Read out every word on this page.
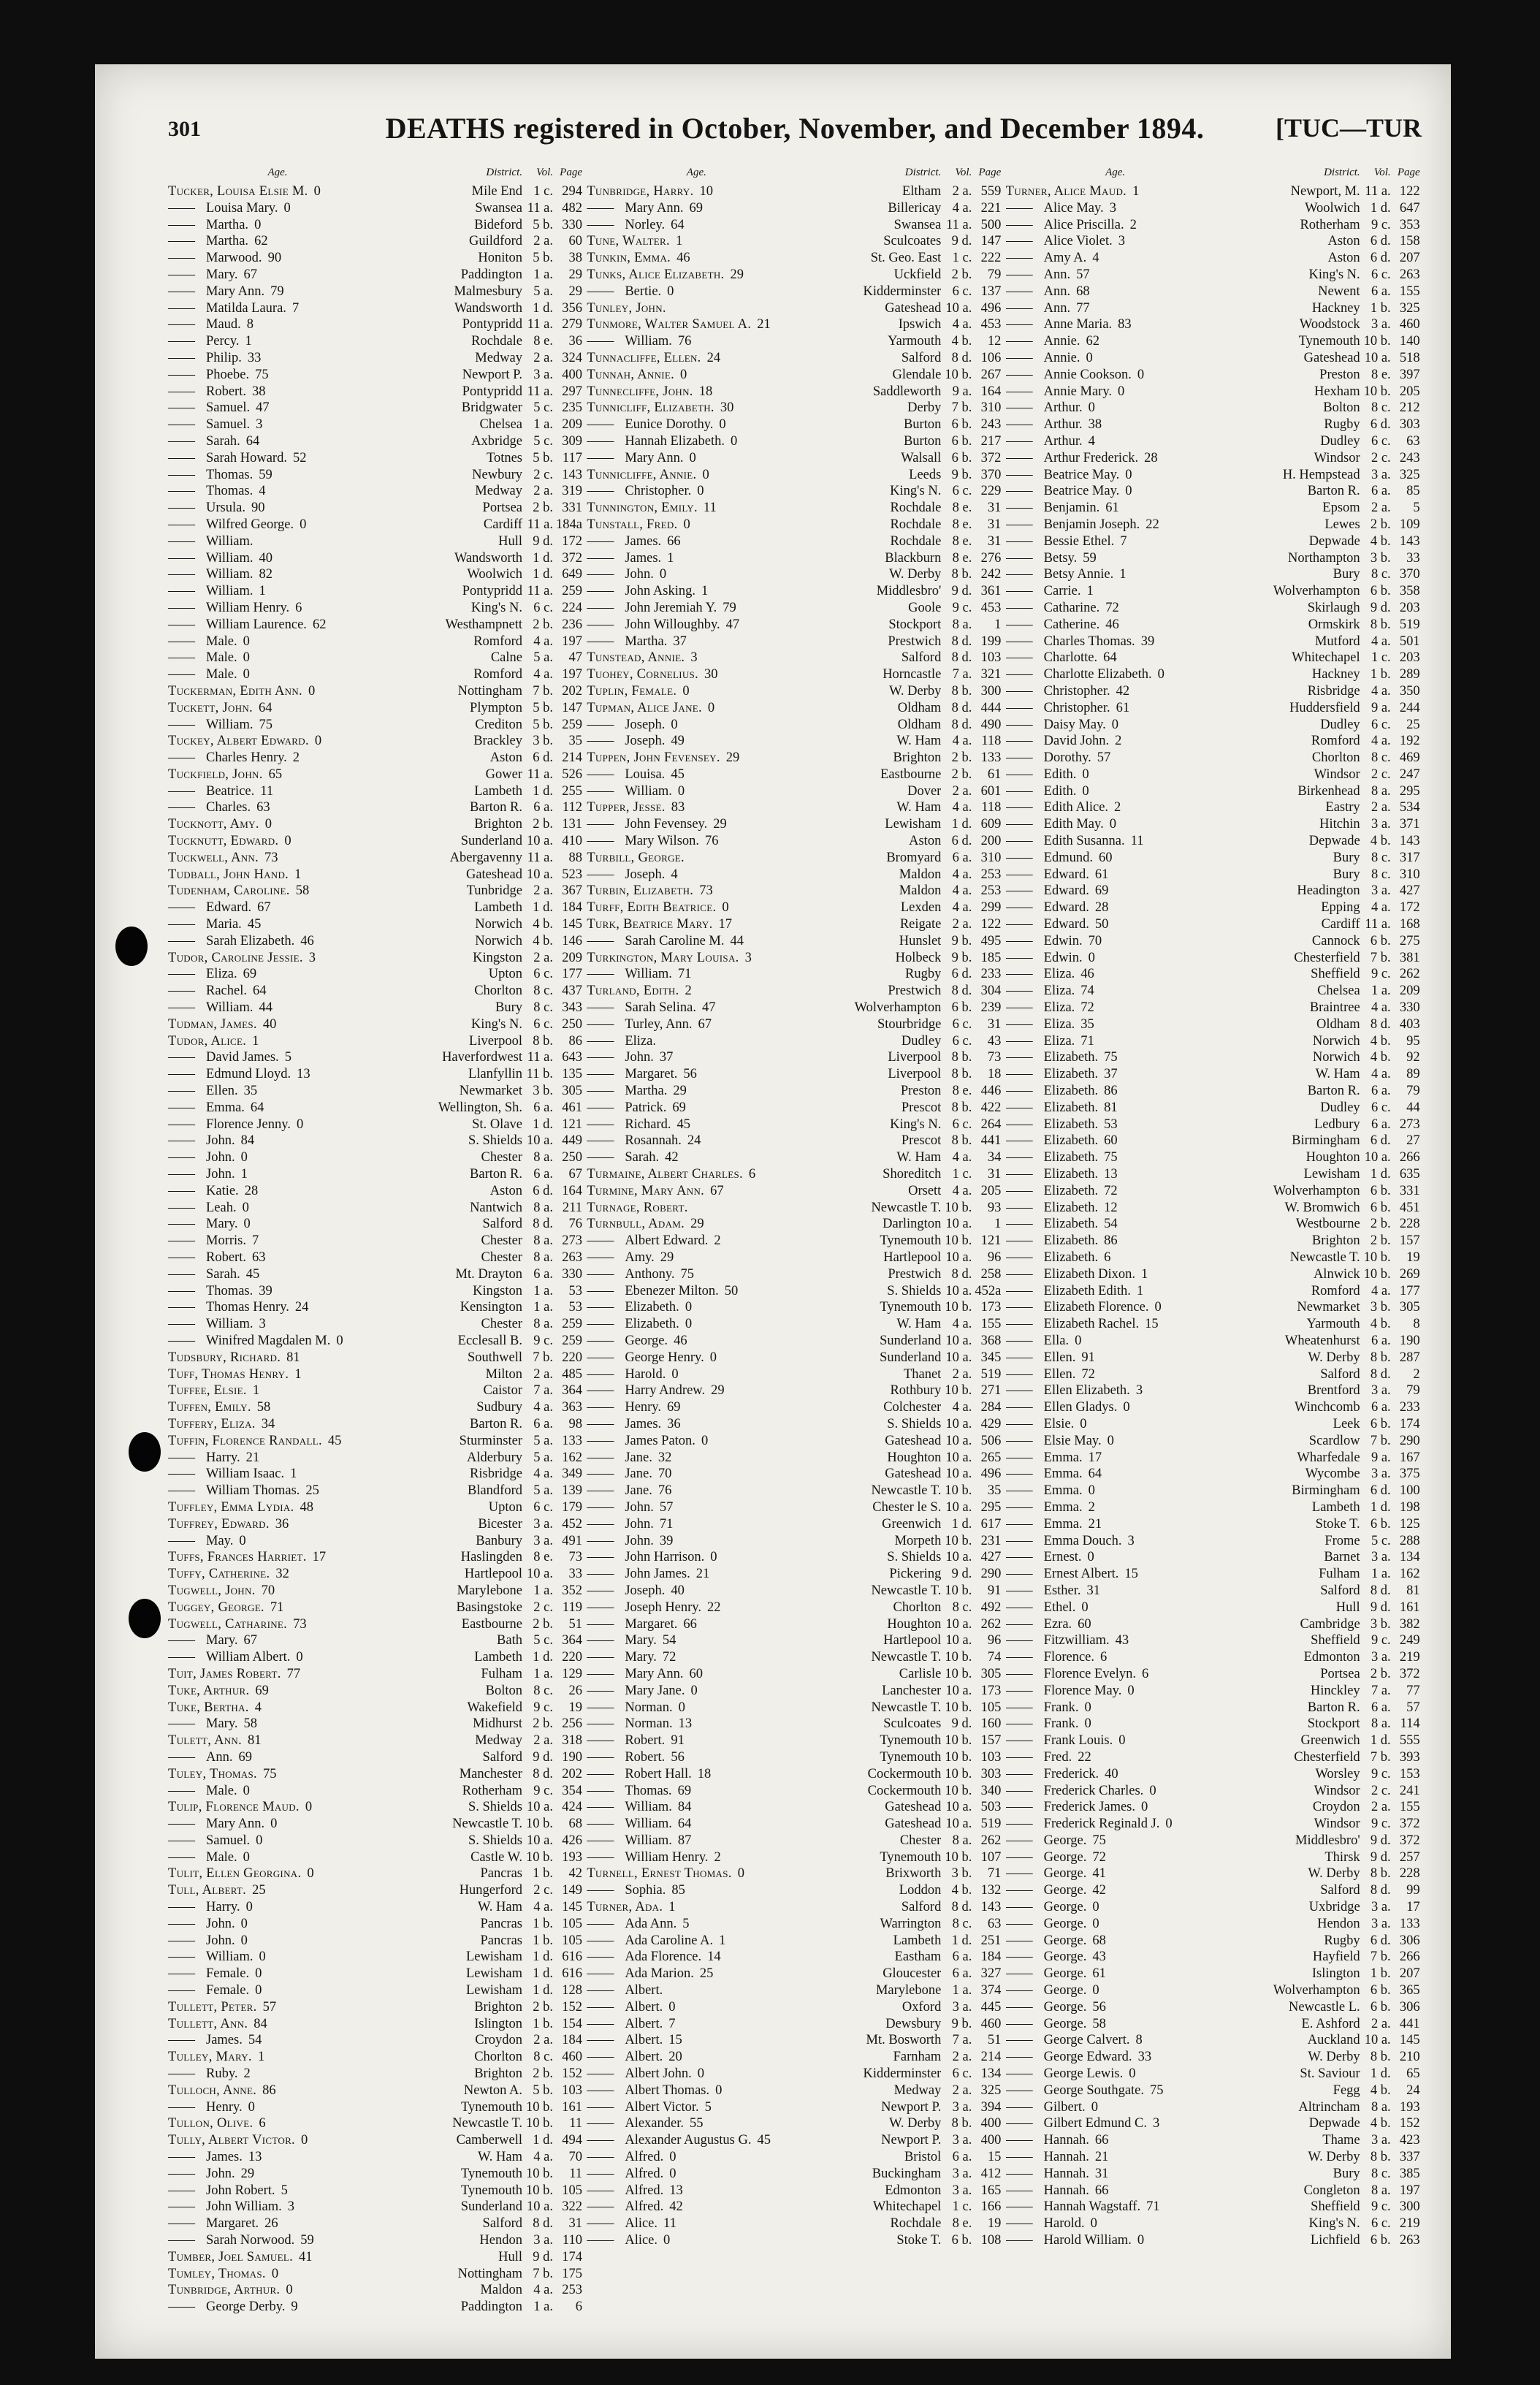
301	DEATHS registered in October, November, and December 1894.	[TUC—TUR
Age.	District.	Vol. Page
Tucker, Louisa Elsie M. 0	Mile End 1 c. 294
—— Louisa Mary. 0	Swansea 11 a. 482
—— Martha. 0	Bideford 5 b. 330
—— Martha. 62	Guildford 2 a.	60
—— Marwood. 90	Honiton 5 b.	38
—— Mary. 67	Paddington 1 a.	29
—— Mary Ann. 79	Malmesbury 5 a.	29
—— Matilda Laura. 7	Wandsworth 1 d. 356
—— Maud. 8	Pontypridd 11 a. 279
—— Percy. 1	Rochdale 8 e.	36
—— Philip. 33	Medway 2 a. 324
—— Phoebe. 75	Newport P. 3 a. 400
—— Robert. 38	Pontypridd 11 a. 297
—— Samuel. 47	Bridgwater 5 c. 235
—— Samuel. 3	Chelsea 1 a. 209
—— Sarah. 64	Axbridge 5 c. 309
—— Sarah Howard. 52	Totnes 5 b. 117
—— Thomas. 59	Newbury 2 c. 143
—— Thomas. 4	Medway 2 a. 319
—— Ursula. 90	Portsea 2 b. 331
—— Wilfred George. 0	Cardiff 11 a. 184a
—— William.	Hull 9 d. 172
—— William. 40	Wandsworth 1 d. 372
—— William. 82	Woolwich 1 d. 649
—— William. 1	Pontypridd 11 a. 259
—— William Henry. 6	King's N. 6 c. 224
—— William Laurence. 62	Westhampnett 2 b. 236
—— Male. 0	Romford 4 a. 197
—— Male. 0	Calne 5 a.	47
—— Male. 0	Romford 4 a. 197
Tuckerman, Edith Ann. 0	Nottingham 7 b. 202
Tuckett, John. 64	Plympton 5 b. 147
—— William. 75	Crediton 5 b. 259
Tuckey, Albert Edward. 0	Brackley 3 b.	35
—— Charles Henry. 2	Aston 6 d. 214
Tuckfield, John. 65	Gower 11 a. 526
—— Beatrice. 11	Lambeth 1 d. 255
—— Charles. 63	Barton R. 6 a. 112
Tucknott, Amy. 0	Brighton 2 b. 131
Tucknutt, Edward. 0	Sunderland 10 a. 410
Tuckwell, Ann. 73	Abergavenny 11 a.	88
Tudball, John Hand. 1	Gateshead 10 a. 523
Tudenham, Caroline. 58	Tunbridge 2 a. 367
—— Edward. 67	Lambeth 1 d. 184
—— Maria. 45	Norwich 4 b. 145
—— Sarah Elizabeth. 46	Norwich 4 b. 146
Tudor, Caroline Jessie. 3	Kingston 2 a. 209
—— Eliza. 69	Upton 6 c. 177
—— Rachel. 64	Chorlton 8 c. 437
—— William. 44	Bury 8 c. 343
Tudman, James. 40	King's N. 6 c. 250
Tudor, Alice. 1	Liverpool 8 b.	86
—— David James. 5	Haverfordwest 11 a. 643
—— Edmund Lloyd. 13	Llanfyllin 11 b. 135
—— Ellen. 35	Newmarket 3 b. 305
—— Emma. 64	Wellington, Sh. 6 a. 461
—— Florence Jenny. 0	St. Olave 1 d. 121
—— John. 84	S. Shields 10 a. 449
—— John. 0	Chester 8 a. 250
—— John. 1	Barton R. 6 a.	67
—— Katie. 28	Aston 6 d. 164
—— Leah. 0	Nantwich 8 a. 211
—— Mary. 0	Salford 8 d.	76
—— Morris. 7	Chester 8 a. 273
—— Robert. 63	Chester 8 a. 263
—— Sarah. 45	Mt. Drayton 6 a. 330
—— Thomas. 39	Kingston 1 a.	53
—— Thomas Henry. 24	Kensington 1 a.	53
—— William. 3	Chester 8 a. 259
—— Winifred Magdalen M. 0	Ecclesall B. 9 c. 259
Tudsbury, Richard. 81	Southwell 7 b. 220
Tuff, Thomas Henry. 1	Milton 2 a. 485
Tuffee, Elsie. 1	Caistor 7 a. 364
Tuffen, Emily. 58	Sudbury 4 a. 363
Tuffery, Eliza. 34	Barton R. 6 a.	98
Tuffin, Florence Randall. 45	Sturminster 5 a. 133
—— Harry. 21	Alderbury 5 a. 162
—— William Isaac. 1	Risbridge 4 a. 349
—— William Thomas. 25	Blandford 5 a. 139
Tuffley, Emma Lydia. 48	Upton 6 c. 179
Tuffrey, Edward. 36	Bicester 3 a. 452
—— May. 0	Banbury 3 a. 491
Tuffs, Frances Harriet. 17	Haslingden 8 e.	73
Tuffy, Catherine. 32	Hartlepool 10 a.	33
Tugwell, John. 70	Marylebone 1 a. 352
Tuggey, George. 71	Basingstoke 2 c. 119
Tugwell, Catharine. 73	Eastbourne 2 b.	51
—— Mary. 67	Bath 5 c. 364
—— William Albert. 0	Lambeth 1 d. 220
Tuit, James Robert. 77	Fulham 1 a. 129
Tuke, Arthur. 69	Bolton 8 c.	26
Tuke, Bertha. 4	Wakefield 9 c.	19
—— Mary. 58	Midhurst 2 b. 256
Tulett, Ann. 81	Medway 2 a. 318
—— Ann. 69	Salford 9 d. 190
Tuley, Thomas. 75	Manchester 8 d. 202
—— Male. 0	Rotherham 9 c. 354
Tulip, Florence Maud. 0	S. Shields 10 a. 424
—— Mary Ann. 0	Newcastle T. 10 b.	68
—— Samuel. 0	S. Shields 10 a. 426
—— Male. 0	Castle W. 10 b. 193
Tulit, Ellen Georgina. 0	Pancras 1 b.	42
Tull, Albert. 25	Hungerford 2 c. 149
—— Harry. 0	W. Ham 4 a. 145
—— John. 0	Pancras 1 b. 105
—— John. 0	Pancras 1 b. 105
—— William. 0	Lewisham 1 d. 616
—— Female. 0	Lewisham 1 d. 616
—— Female. 0	Lewisham 1 d. 128
Tullett, Peter. 57	Brighton 2 b. 152
Tullett, Ann. 84	Islington 1 b. 154
—— James. 54	Croydon 2 a. 184
Tulley, Mary. 1	Chorlton 8 c. 460
—— Ruby. 2	Brighton 2 b. 152
Tulloch, Anne. 86	Newton A. 5 b. 103
—— Henry. 0	Tynemouth 10 b. 161
Tullon, Olive. 6	Newcastle T. 10 b.	11
Tully, Albert Victor. 0	Camberwell 1 d. 494
—— James. 13	W. Ham 4 a.	70
—— John. 29	Tynemouth 10 b.	11
—— John Robert. 5	Tynemouth 10 b. 105
—— John William. 3	Sunderland 10 a. 322
—— Margaret. 26	Salford 8 d.	31
—— Sarah Norwood. 59	Hendon 3 a. 110
Tumber, Joel Samuel. 41	Hull 9 d. 174
Tumley, Thomas. 0	Nottingham 7 b. 175
Tunbridge, Arthur. 0	Maldon 4 a. 253
—— George Derby. 9	Paddington 1 a.	6
Age.	District.	Vol. Page
Tunbridge, Harry. 10	Eltham 2 a. 559
—— Mary Ann. 69	Billericay 4 a. 221
—— Norley. 64	Swansea 11 a. 500
Tune, Walter. 1	Sculcoates 9 d. 147
Tunkin, Emma. 46	St. Geo. East 1 c. 222
Tunks, Alice Elizabeth. 29	Uckfield 2 b.	79
—— Bertie. 0	Kidderminster 6 c. 137
Tunley, John.	Gateshead 10 a. 496
Tunmore, Walter Samuel A. 21	Ipswich 4 a. 453
—— William. 76	Yarmouth 4 b.	12
Tunnacliffe, Ellen. 24	Salford 8 d. 106
Tunnah, Annie. 0	Glendale 10 b. 267
Tunnecliffe, John. 18	Saddleworth 9 a. 164
Tunnicliff, Elizabeth. 30	Derby 7 b. 310
—— Eunice Dorothy. 0	Burton 6 b. 243
—— Hannah Elizabeth. 0	Burton 6 b. 217
—— Mary Ann. 0	Walsall 6 b. 372
Tunnicliffe, Annie. 0	Leeds 9 b. 370
—— Christopher. 0	King's N. 6 c. 229
Tunnington, Emily. 11	Rochdale 8 e.	31
Tunstall, Fred. 0	Rochdale 8 e.	31
—— James. 66	Rochdale 8 e.	31
—— James. 1	Blackburn 8 e. 276
—— John. 0	W. Derby 8 b. 242
—— John Asking. 1	Middlesbro' 9 d. 361
—— John Jeremiah Y. 79	Goole 9 c. 453
—— John Willoughby. 47	Stockport 8 a.	1
—— Martha. 37	Prestwich 8 d. 199
Tunstead, Annie. 3	Salford 8 d. 103
Tuohey, Cornelius. 30	Horncastle 7 a. 321
Tuplin, Female. 0	W. Derby 8 b. 300
Tupman, Alice Jane. 0	Oldham 8 d. 444
—— Joseph. 0	Oldham 8 d. 490
—— Joseph. 49	W. Ham 4 a. 118
Tuppen, John Fevensey. 29	Brighton 2 b. 133
—— Louisa. 45	Eastbourne 2 b.	61
—— William. 0	Dover 2 a. 601
Tupper, Jesse. 83	W. Ham 4 a. 118
—— John Fevensey. 29	Lewisham 1 d. 609
—— Mary Wilson. 76	Aston 6 d. 200
Turbill, George.	Bromyard 6 a. 310
—— Joseph. 4	Maldon 4 a. 253
Turbin, Elizabeth. 73	Maldon 4 a. 253
Turff, Edith Beatrice. 0	Lexden 4 a. 299
Turk, Beatrice Mary. 17	Reigate 2 a. 122
—— Sarah Caroline M. 44	Hunslet 9 b. 495
Turkington, Mary Louisa. 3	Holbeck 9 b. 185
—— William. 71	Rugby 6 d. 233
Turland, Edith. 2	Prestwich 8 d. 304
—— Sarah Selina. 47	Wolverhampton 6 b. 239
—— Turley, Ann. 67	Stourbridge 6 c.	31
—— Eliza.	Dudley 6 c.	43
—— John. 37	Liverpool 8 b.	73
—— Margaret. 56	Liverpool 8 b.	18
—— Martha. 29	Preston 8 e. 446
—— Patrick. 69	Prescot 8 b. 422
—— Richard. 45	King's N. 6 c. 264
—— Rosannah. 24	Prescot 8 b. 441
—— Sarah. 42	W. Ham 4 a.	34
Turmaine, Albert Charles. 6	Shoreditch 1 c.	31
Turmine, Mary Ann. 67	Orsett 4 a. 205
Turnage, Robert.	Newcastle T. 10 b.	93
Turnbull, Adam. 29	Darlington 10 a.	1
—— Albert Edward. 2	Tynemouth 10 b. 121
—— Amy. 29	Hartlepool 10 a.	96
—— Anthony. 75	Prestwich 8 d. 258
—— Ebenezer Milton. 50	S. Shields 10 a. 452a
—— Elizabeth. 0	Tynemouth 10 b. 173
—— Elizabeth. 0	W. Ham 4 a. 155
—— George. 46	Sunderland 10 a. 368
—— George Henry. 0	Sunderland 10 a. 345
—— Harold. 0	Thanet 2 a. 519
—— Harry Andrew. 29	Rothbury 10 b. 271
—— Henry. 69	Colchester 4 a. 284
—— James. 36	S. Shields 10 a. 429
—— James Paton. 0	Gateshead 10 a. 506
—— Jane. 32	Houghton 10 a. 265
—— Jane. 70	Gateshead 10 a. 496
—— Jane. 76	Newcastle T. 10 b.	35
—— John. 57	Chester le S. 10 a. 295
—— John. 71	Greenwich 1 d. 617
—— John. 39	Morpeth 10 b. 231
—— John Harrison. 0	S. Shields 10 a. 427
—— John James. 21	Pickering 9 d. 290
—— Joseph. 40	Newcastle T. 10 b.	91
—— Joseph Henry. 22	Chorlton 8 c. 492
—— Margaret. 66	Houghton 10 a. 262
—— Mary. 54	Hartlepool 10 a.	96
—— Mary. 72	Newcastle T. 10 b.	74
—— Mary Ann. 60	Carlisle 10 b. 305
—— Mary Jane. 0	Lanchester 10 a. 173
—— Norman. 0	Newcastle T. 10 b. 105
—— Norman. 13	Sculcoates 9 d. 160
—— Robert. 91	Tynemouth 10 b. 157
—— Robert. 56	Tynemouth 10 b. 103
—— Robert Hall. 18	Cockermouth 10 b. 303
—— Thomas. 69	Cockermouth 10 b. 340
—— William. 84	Gateshead 10 a. 503
—— William. 64	Gateshead 10 a. 519
—— William. 87	Chester 8 a. 262
—— William Henry. 2	Tynemouth 10 b. 107
Turnell, Ernest Thomas. 0	Brixworth 3 b.	71
—— Sophia. 85	Loddon 4 b. 132
Turner, Ada. 1	Salford 8 d. 143
—— Ada Ann. 5	Warrington 8 c.	63
—— Ada Caroline A. 1	Lambeth 1 d. 251
—— Ada Florence. 14	Eastham 6 a. 184
—— Ada Marion. 25	Gloucester 6 a. 327
—— Albert.	Marylebone 1 a. 374
—— Albert. 0	Oxford 3 a. 445
—— Albert. 7	Dewsbury 9 b. 460
—— Albert. 15	Mt. Bosworth 7 a.	51
—— Albert. 20	Farnham 2 a. 214
—— Albert John. 0	Kidderminster 6 c. 134
—— Albert Thomas. 0	Medway 2 a. 325
—— Albert Victor. 5	Newport P. 3 a. 394
—— Alexander. 55	W. Derby 8 b. 400
—— Alexander Augustus G. 45	Newport P. 3 a. 400
—— Alfred. 0	Bristol 6 a.	15
—— Alfred. 0	Buckingham 3 a. 412
—— Alfred. 13	Edmonton 3 a. 165
—— Alfred. 42	Whitechapel 1 c. 166
—— Alice. 11	Rochdale 8 e.	19
—— Alice. 0	Stoke T. 6 b. 108
Age.	District.	Vol. Page
Turner, Alice Maud. 1	Newport, M. 11 a. 122
—— Alice May. 3	Woolwich 1 d. 647
—— Alice Priscilla. 2	Rotherham 9 c. 353
—— Alice Violet. 3	Aston 6 d. 158
—— Amy A. 4	Aston 6 d. 207
—— Ann. 57	King's N. 6 c. 263
—— Ann. 68	Newent 6 a. 155
—— Ann. 77	Hackney 1 b. 325
—— Anne Maria. 83	Woodstock 3 a. 460
—— Annie. 62	Tynemouth 10 b. 140
—— Annie. 0	Gateshead 10 a. 518
—— Annie Cookson. 0	Preston 8 e. 397
—— Annie Mary. 0	Hexham 10 b. 205
—— Arthur. 0	Bolton 8 c. 212
—— Arthur. 38	Rugby 6 d. 303
—— Arthur. 4	Dudley 6 c.	63
—— Arthur Frederick. 28	Windsor 2 c. 243
—— Beatrice May. 0	H. Hempstead 3 a. 325
—— Beatrice May. 0	Barton R. 6 a.	85
—— Benjamin. 61	Epsom 2 a.	5
—— Benjamin Joseph. 22	Lewes 2 b. 109
—— Bessie Ethel. 7	Depwade 4 b. 143
—— Betsy. 59	Northampton 3 b.	33
—— Betsy Annie. 1	Bury 8 c. 370
—— Carrie. 1	Wolverhampton 6 b. 358
—— Catharine. 72	Skirlaugh 9 d. 203
—— Catherine. 46	Ormskirk 8 b. 519
—— Charles Thomas. 39	Mutford 4 a. 501
—— Charlotte. 64	Whitechapel 1 c. 203
—— Charlotte Elizabeth. 0	Hackney 1 b. 289
—— Christopher. 42	Risbridge 4 a. 350
—— Christopher. 61	Huddersfield 9 a. 244
—— Daisy May. 0	Dudley 6 c.	25
—— David John. 2	Romford 4 a. 192
—— Dorothy. 57	Chorlton 8 c. 469
—— Edith. 0	Windsor 2 c. 247
—— Edith. 0	Birkenhead 8 a. 295
—— Edith Alice. 2	Eastry 2 a. 534
—— Edith May. 0	Hitchin 3 a. 371
—— Edith Susanna. 11	Depwade 4 b. 143
—— Edmund. 60	Bury 8 c. 317
—— Edward. 61	Bury 8 c. 310
—— Edward. 69	Headington 3 a. 427
—— Edward. 28	Epping 4 a. 172
—— Edward. 50	Cardiff 11 a. 168
—— Edwin. 70	Cannock 6 b. 275
—— Edwin. 0	Chesterfield 7 b. 381
—— Eliza. 46	Sheffield 9 c. 262
—— Eliza. 74	Chelsea 1 a. 209
—— Eliza. 72	Braintree 4 a. 330
—— Eliza. 35	Oldham 8 d. 403
—— Eliza. 71	Norwich 4 b.	95
—— Elizabeth. 75	Norwich 4 b.	92
—— Elizabeth. 37	W. Ham 4 a.	89
—— Elizabeth. 86	Barton R. 6 a.	79
—— Elizabeth. 81	Dudley 6 c.	44
—— Elizabeth. 53	Ledbury 6 a. 273
—— Elizabeth. 60	Birmingham 6 d.	27
—— Elizabeth. 75	Houghton 10 a. 266
—— Elizabeth. 13	Lewisham 1 d. 635
—— Elizabeth. 72	Wolverhampton 6 b. 331
—— Elizabeth. 12	W. Bromwich 6 b. 451
—— Elizabeth. 54	Westbourne 2 b. 228
—— Elizabeth. 86	Brighton 2 b. 157
—— Elizabeth. 6	Newcastle T. 10 b.	19
—— Elizabeth Dixon. 1	Alnwick 10 b. 269
—— Elizabeth Edith. 1	Romford 4 a. 177
—— Elizabeth Florence. 0	Newmarket 3 b. 305
—— Elizabeth Rachel. 15	Yarmouth 4 b.	8
—— Ella. 0	Wheatenhurst 6 a. 190
—— Ellen. 91	W. Derby 8 b. 287
—— Ellen. 72	Salford 8 d.	2
—— Ellen Elizabeth. 3	Brentford 3 a.	79
—— Ellen Gladys. 0	Winchcomb 6 a. 233
—— Elsie. 0	Leek 6 b. 174
—— Elsie May. 0	Scardlow 7 b. 290
—— Emma. 17	Wharfedale 9 a. 167
—— Emma. 64	Wycombe 3 a. 375
—— Emma. 0	Birmingham 6 d. 100
—— Emma. 2	Lambeth 1 d. 198
—— Emma. 21	Stoke T. 6 b. 125
—— Emma Douch. 3	Frome 5 c. 288
—— Ernest. 0	Barnet 3 a. 134
—— Ernest Albert. 15	Fulham 1 a. 162
—— Esther. 31	Salford 8 d.	81
—— Ethel. 0	Hull 9 d. 161
—— Ezra. 60	Cambridge 3 b. 382
—— Fitzwilliam. 43	Sheffield 9 c. 249
—— Florence. 6	Edmonton 3 a. 219
—— Florence Evelyn. 6	Portsea 2 b. 372
—— Florence May. 0	Hinckley 7 a.	77
—— Frank. 0	Barton R. 6 a.	57
—— Frank. 0	Stockport 8 a. 114
—— Frank Louis. 0	Greenwich 1 d. 555
—— Fred. 22	Chesterfield 7 b. 393
—— Frederick. 40	Worsley 9 c. 153
—— Frederick Charles. 0	Windsor 2 c. 241
—— Frederick James. 0	Croydon 2 a. 155
—— Frederick Reginald J. 0	Windsor 9 c. 372
—— George. 75	Middlesbro' 9 d. 372
—— George. 72	Thirsk 9 d. 257
—— George. 41	W. Derby 8 b. 228
—— George. 42	Salford 8 d.	99
—— George. 0	Uxbridge 3 a.	17
—— George. 0	Hendon 3 a. 133
—— George. 68	Rugby 6 d. 306
—— George. 43	Hayfield 7 b. 266
—— George. 61	Islington 1 b. 207
—— George. 0	Wolverhampton 6 b. 365
—— George. 56	Newcastle L. 6 b. 306
—— George. 58	E. Ashford 2 a. 441
—— George Calvert. 8	Auckland 10 a. 145
—— George Edward. 33	W. Derby 8 b. 210
—— George Lewis. 0	St. Saviour 1 d.	65
—— George Southgate. 75	Fegg 4 b.	24
—— Gilbert. 0	Altrincham 8 a. 193
—— Gilbert Edmund C. 3	Depwade 4 b. 152
—— Hannah. 66	Thame 3 a. 423
—— Hannah. 21	W. Derby 8 b. 337
—— Hannah. 31	Bury 8 c. 385
—— Hannah. 66	Congleton 8 a. 197
—— Hannah Wagstaff. 71	Sheffield 9 c. 300
—— Harold. 0	King's N. 6 c. 219
—— Harold William. 0	Lichfield 6 b. 263
